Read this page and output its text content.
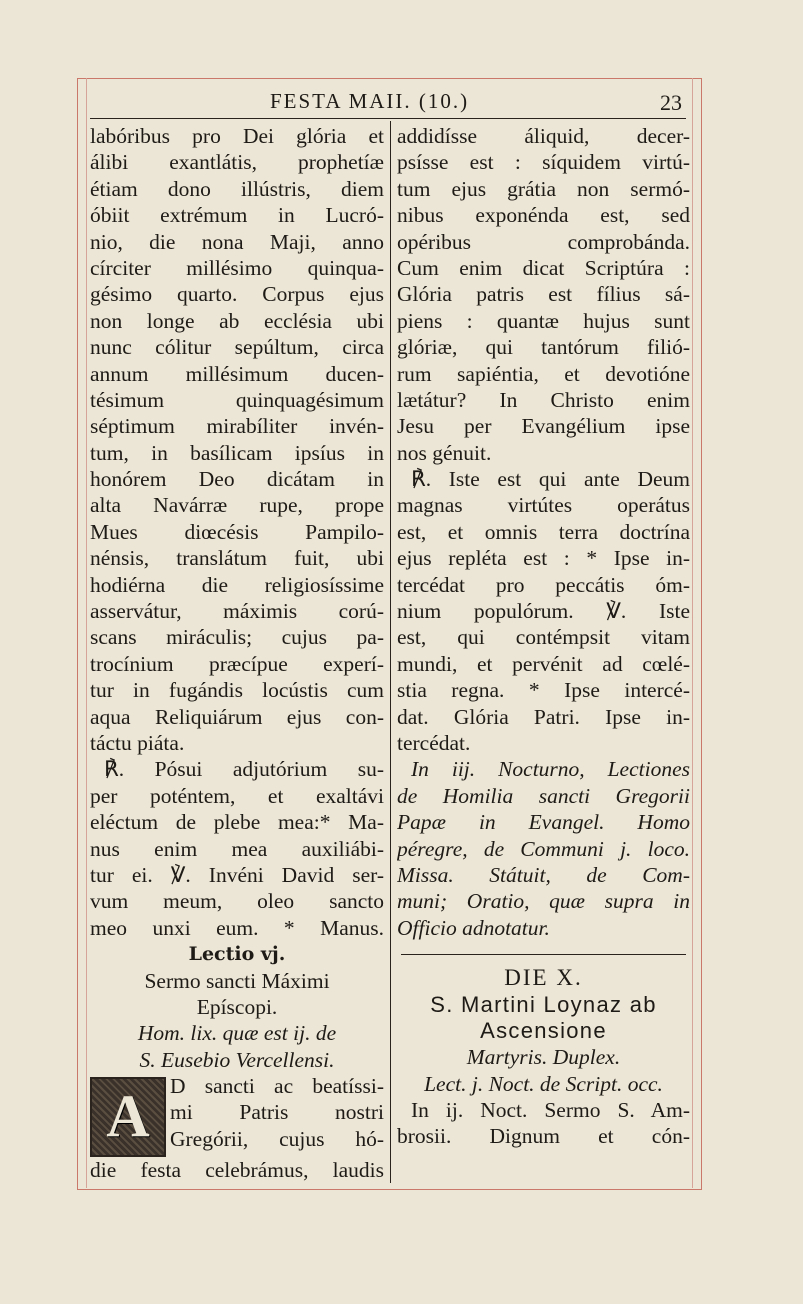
FESTA MAII. (10.)	23
labóribus pro Dei glória et
álibi exantlátis, prophetíæ
étiam dono illústris, diem
óbiit extrémum in Lucró-
nio, die nona Maji, anno
círciter millésimo quinqua-
gésimo quarto. Corpus ejus
non longe ab ecclésia ubi
nunc cólitur sepúltum, circa
annum millésimum ducen-
tésimum quinquagésimum
séptimum mirabíliter invén-
tum, in basílicam ipsíus in
honórem Deo dicátam in
alta Navárræ rupe, prope
Mues diœcésis Pampilo-
nénsis, translátum fuit, ubi
hodiérna die religiosíssime
asservátur, máximis corú-
scans miráculis; cujus pa-
trocínium præcípue experí-
tur in fugándis locústis cum
aqua Reliquiárum ejus con-
táctu piáta.
℟. Pósui adjutórium su-
per poténtem, et exaltávi
eléctum de plebe mea:* Ma-
nus enim mea auxiliábi-
tur ei. ℣. Invéni David ser-
vum meum, oleo sancto
meo unxi eum. * Manus.
Lectio vj.
Sermo sancti Máximi
Epíscopi.
Hom. lix. quæ est ij. de
S. Eusebio Vercellensi.
A D sancti ac beatíssi-
mi Patris nostri
Gregórii, cujus hó-
die festa celebrámus, laudis
addidísse áliquid, decer-
psísse est : síquidem virtú-
tum ejus grátia non sermó-
nibus exponénda est, sed
opéribus comprobánda.
Cum enim dicat Scriptúra :
Glória patris est fílius sá-
piens : quantæ hujus sunt
glóriæ, qui tantórum filió-
rum sapiéntia, et devotióne
lætátur? In Christo enim
Jesu per Evangélium ipse
nos génuit.
℟. Iste est qui ante Deum
magnas virtútes operátus
est, et omnis terra doctrína
ejus repléta est : * Ipse in-
tercédat pro peccátis óm-
nium populórum. ℣. Iste
est, qui contémpsit vitam
mundi, et pervénit ad cœlé-
stia regna. * Ipse intercé-
dat. Glória Patri. Ipse in-
tercédat.
In iij. Nocturno, Lectiones
de Homilia sancti Gregorii
Papæ in Evangel. Homo
péregre, de Communi j. loco.
Missa. Státuit, de Com-
muni; Oratio, quæ supra in
Officio adnotatur.
DIE X.
S. Martini Loynaz ab
Ascensione
Martyris. Duplex.
Lect. j. Noct. de Script. occ.
In ij. Noct. Sermo S. Am-
brosii. Dignum et cón-
